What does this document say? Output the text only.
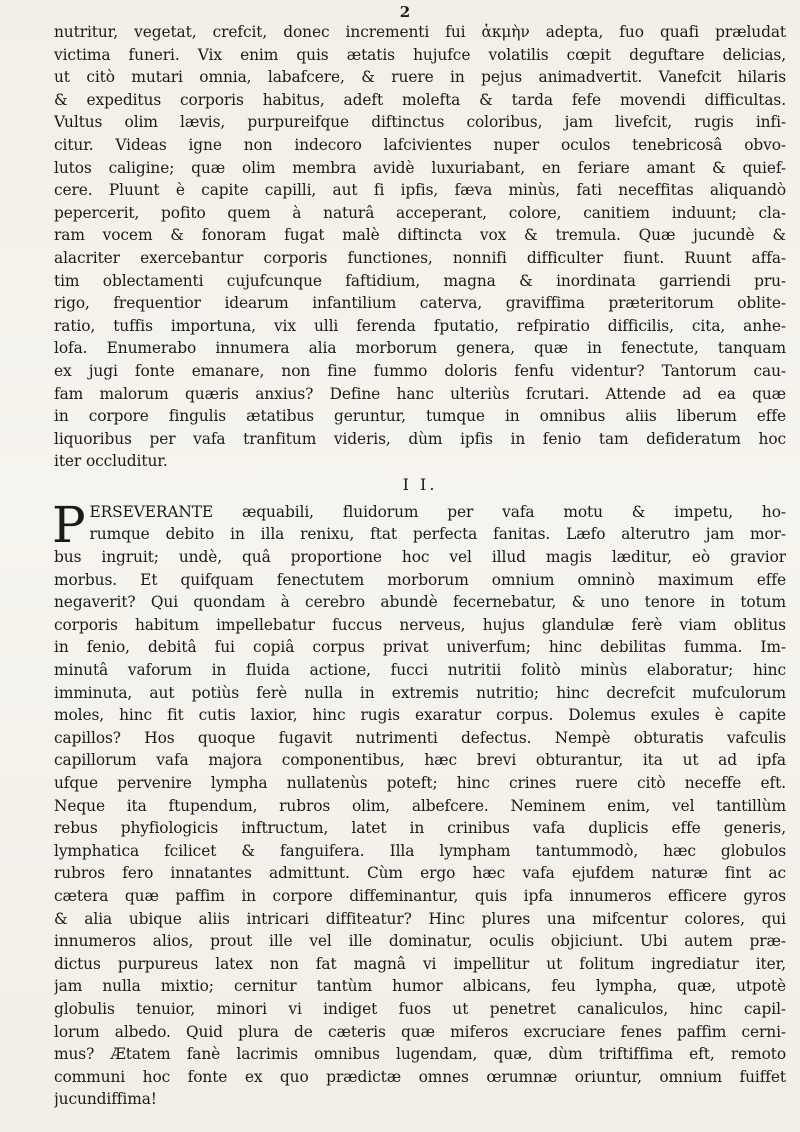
2
nutritur, vegetat, crefcit, donec incrementi fui ἀκμὴν adepta, fuo quafi præludat
victima funeri. Vix enim quis ætatis hujufce volatilis cœpit deguftare delicias,
ut citò mutari omnia, labafcere, & ruere in pejus animadvertit. Vanefcit hilaris
& expeditus corporis habitus, adeft molefta & tarda fefe movendi difficultas.
Vultus olim lævis, purpureifque diftinctus coloribus, jam livefcit, rugis infi-
citur. Videas igne non indecoro lafcivientes nuper oculos tenebricosâ obvo-
lutos caligine; quæ olim membra avidè luxuriabant, en feriare amant & quief-
cere. Pluunt è capite capilli, aut fi ipfis, fæva minùs, fati neceffitas aliquandò
pepercerit, pofito quem à naturâ acceperant, colore, canitiem induunt; cla-
ram vocem & fonoram fugat malè diftincta vox & tremula. Quæ jucundè &
alacriter exercebantur corporis functiones, nonnifi difficulter fiunt. Ruunt affa-
tim oblectamenti cujufcunque faftidium, magna & inordinata garriendi pru-
rigo, frequentior idearum infantilium caterva, graviffima præteritorum oblite-
ratio, tuffis importuna, vix ulli ferenda fputatio, refpiratio difficilis, cita, anhe-
lofa. Enumerabo innumera alia morborum genera, quæ in fenectute, tanquam
ex jugi fonte emanare, non fine fummo doloris fenfu videntur? Tantorum cau-
fam malorum quæris anxius? Define hanc ulteriùs fcrutari. Attende ad ea quæ
in corpore fingulis ætatibus geruntur, tumque in omnibus aliis liberum effe
liquoribus per vafa tranfitum videris, dùm ipfis in fenio tam defideratum hoc
iter occluditur.
I I.
P ERSEVERANTE æquabili, fluidorum per vafa motu & impetu, ho-
rumque debito in illa renixu, ftat perfecta fanitas. Læfo alterutro jam mor-
bus ingruit; undè, quâ proportione hoc vel illud magis læditur, eò gravior
morbus. Et quifquam fenectutem morborum omnium omninò maximum effe
negaverit? Qui quondam à cerebro abundè fecernebatur, & uno tenore in totum
corporis habitum impellebatur fuccus nerveus, hujus glandulæ ferè viam oblitus
in fenio, debitâ fui copiâ corpus privat univerfum; hinc debilitas fumma. Im-
minutâ vaforum in fluida actione, fucci nutritii folitò minùs elaboratur; hinc
imminuta, aut potiùs ferè nulla in extremis nutritio; hinc decrefcit mufculorum
moles, hinc fit cutis laxior, hinc rugis exaratur corpus. Dolemus exules è capite
capillos? Hos quoque fugavit nutrimenti defectus. Nempè obturatis vafculis
capillorum vafa majora componentibus, hæc brevi obturantur, ita ut ad ipfa
ufque pervenire lympha nullatenùs poteft; hinc crines ruere citò neceffe eft.
Neque ita ftupendum, rubros olim, albefcere. Neminem enim, vel tantillùm
rebus phyfiologicis inftructum, latet in crinibus vafa duplicis effe generis,
lymphatica fcilicet & fanguifera. Illa lympham tantummodò, hæc globulos
rubros fero innatantes admittunt. Cùm ergo hæc vafa ejufdem naturæ fint ac
cætera quæ paffim in corpore diffeminantur, quis ipfa innumeros efficere gyros
& alia ubique aliis intricari diffiteatur? Hinc plures una mifcentur colores, qui
innumeros alios, prout ille vel ille dominatur, oculis objiciunt. Ubi autem præ-
dictus purpureus latex non fat magnâ vi impellitur ut folitum ingrediatur iter,
jam nulla mixtio; cernitur tantùm humor albicans, feu lympha, quæ, utpotè
globulis tenuior, minori vi indiget fuos ut penetret canaliculos, hinc capil-
lorum albedo. Quid plura de cæteris quæ miferos excruciare fenes paffim cerni-
mus? Ætatem fanè lacrimis omnibus lugendam, quæ, dùm triftiffima eft, remoto
communi hoc fonte ex quo prædictæ omnes œrumnæ oriuntur, omnium fuiffet
jucundiffima!
